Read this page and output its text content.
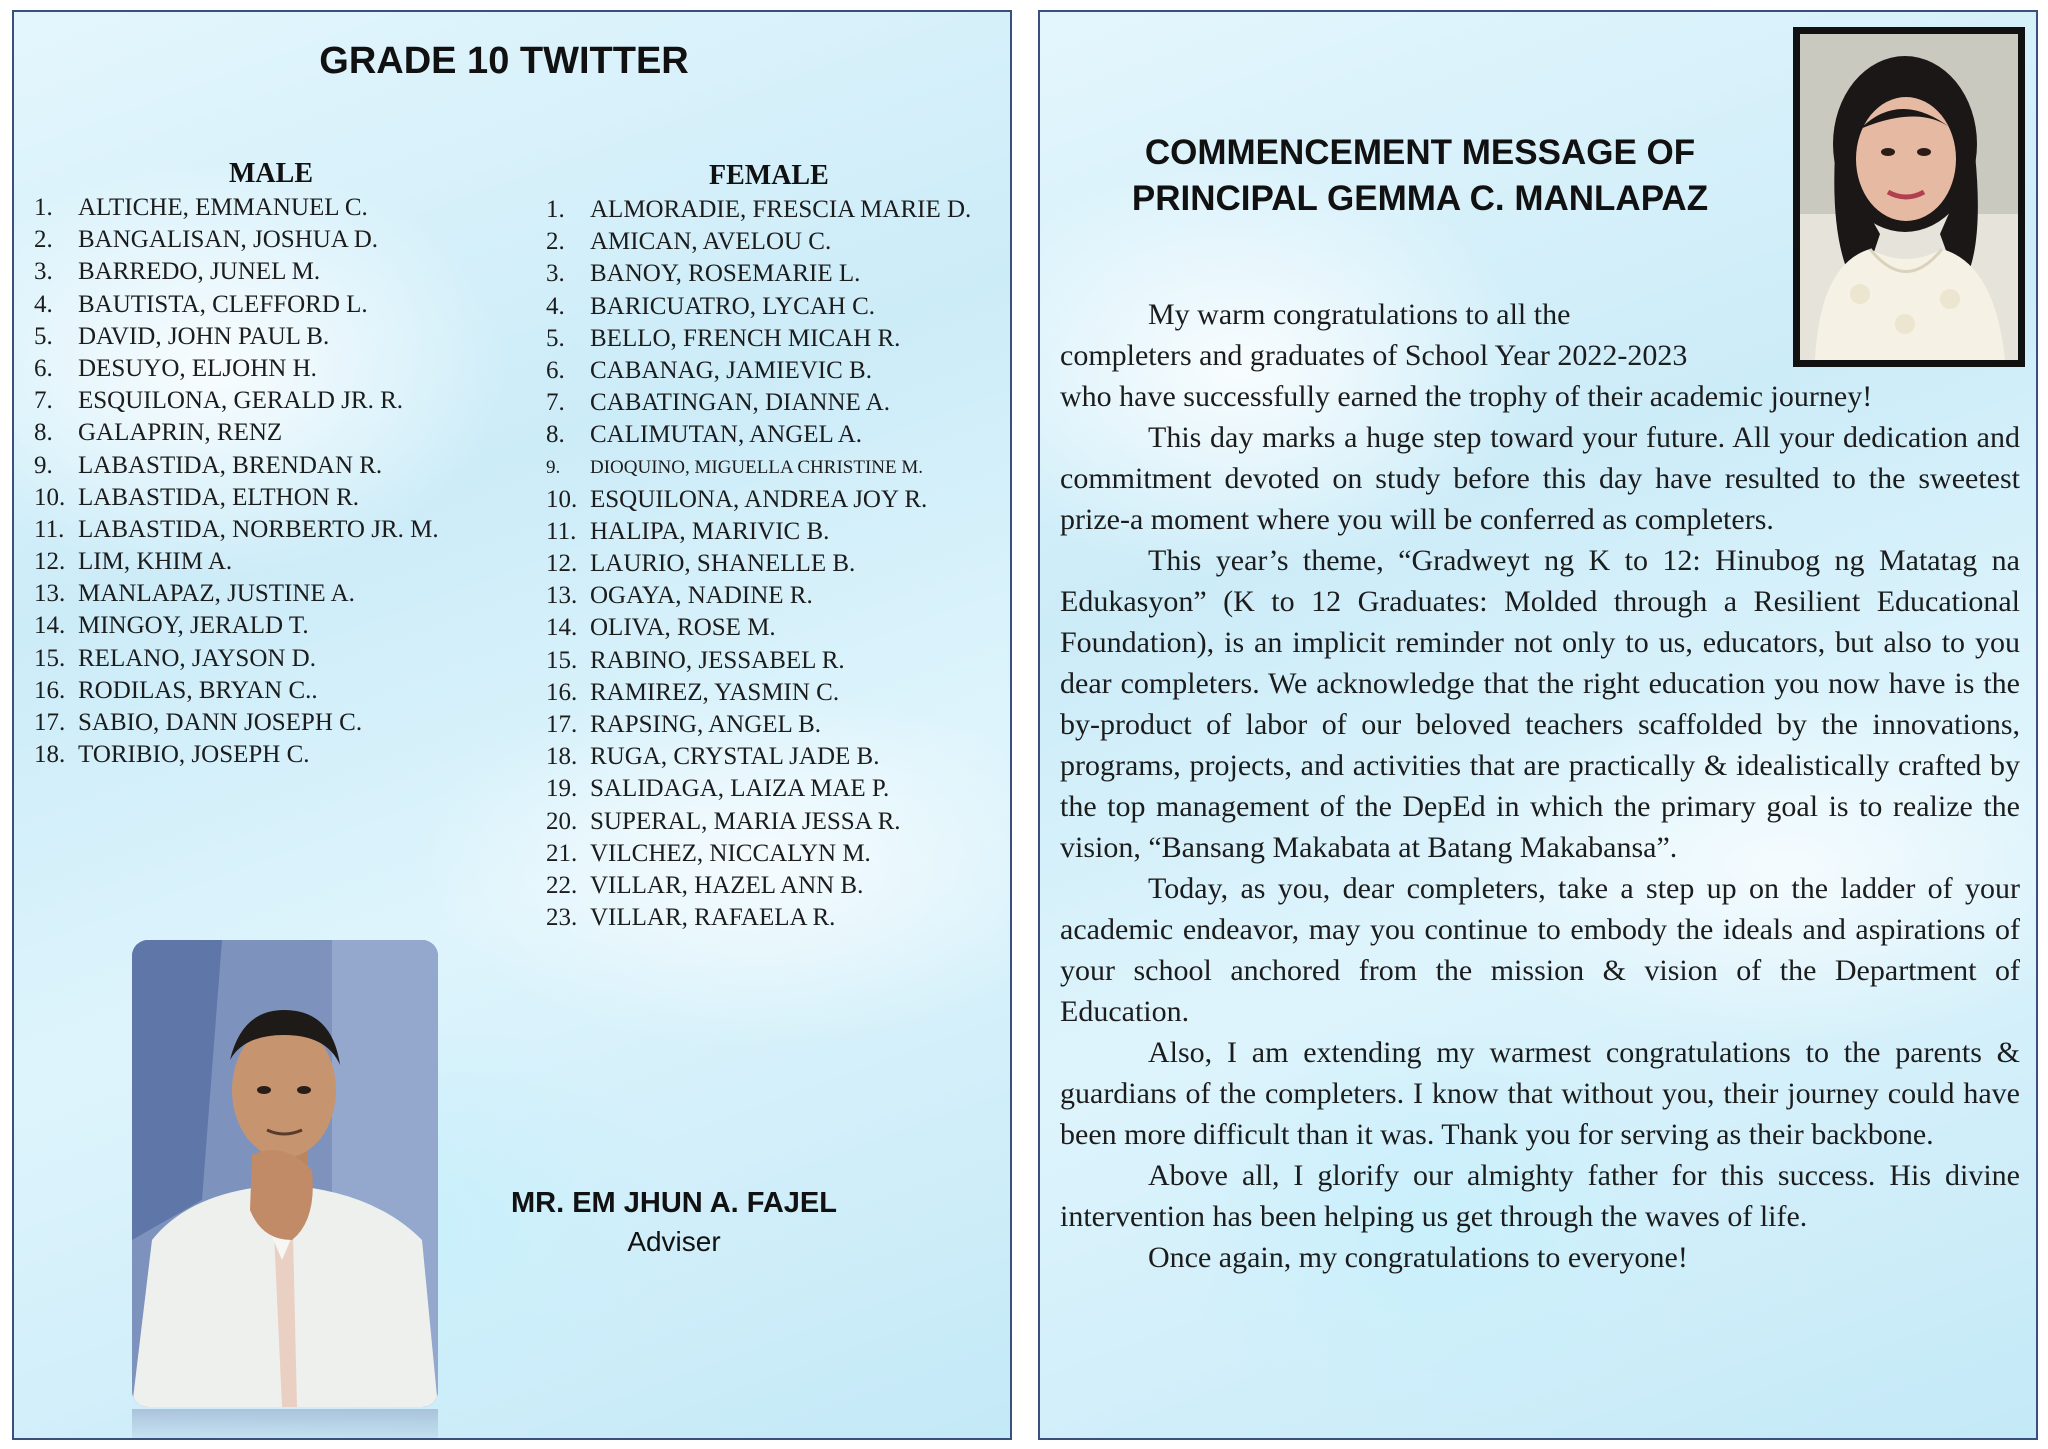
GRADE 10 TWITTER
MALE	FEMALE
1. ALTICHE, EMMANUEL C.
2. BANGALISAN, JOSHUA D.
3. BARREDO, JUNEL M.
4. BAUTISTA, CLEFFORD L.
5. DAVID, JOHN PAUL B.
6. DESUYO, ELJOHN H.
7. ESQUILONA, GERALD JR. R.
8. GALAPRIN, RENZ
9. LABASTIDA, BRENDAN R.
10. LABASTIDA, ELTHON R.
11. LABASTIDA, NORBERTO JR. M.
12. LIM, KHIM A.
13. MANLAPAZ, JUSTINE A.
14. MINGOY, JERALD T.
15. RELANO, JAYSON D.
16. RODILAS, BRYAN C..
17. SABIO, DANN JOSEPH C.
18. TORIBIO, JOSEPH C.
1. ALMORADIE, FRESCIA MARIE D.
2. AMICAN, AVELOU C.
3. BANOY, ROSEMARIE L.
4. BARICUATRO, LYCAH C.
5. BELLO, FRENCH MICAH R.
6. CABANAG, JAMIEVIC B.
7. CABATINGAN, DIANNE A.
8. CALIMUTAN, ANGEL A.
9. DIOQUINO, MIGUELLA CHRISTINE M.
10. ESQUILONA, ANDREA JOY R.
11. HALIPA, MARIVIC B.
12. LAURIO, SHANELLE B.
13. OGAYA, NADINE R.
14. OLIVA, ROSE M.
15. RABINO, JESSABEL R.
16. RAMIREZ, YASMIN C.
17. RAPSING, ANGEL B.
18. RUGA, CRYSTAL JADE B.
19. SALIDAGA, LAIZA MAE P.
20. SUPERAL, MARIA JESSA R.
21. VILCHEZ, NICCALYN M.
22. VILLAR, HAZEL ANN B.
23. VILLAR, RAFAELA R.

MR. EM JHUN A. FAJEL

Adviser

COMMENCEMENT MESSAGE OF
PRINCIPAL GEMMA C. MANLAPAZ

My warm congratulations to all the

completers and graduates of School Year 2022-2023

who have successfully earned the trophy of their academic journey!

This day marks a huge step toward your future. All your dedication and commitment devoted on study before this day have resulted to the sweetest prize-a moment where you will be conferred as completers.

This year’s theme, “Gradweyt ng K to 12: Hinubog ng Matatag na Edukasyon” (K to 12 Graduates: Molded through a Resilient Educational Foundation), is an implicit reminder not only to us, educators, but also to you dear completers. We acknowledge that the right education you now have is the by-product of labor of our beloved teachers scaffolded by the innovations, programs, projects, and activities that are practically & idealistically crafted by the top management of the DepEd in which the primary goal is to realize the vision, “Bansang Makabata at Batang Makabansa”.

Today, as you, dear completers, take a step up on the ladder of your academic endeavor, may you continue to embody the ideals and aspirations of your school anchored from the mission & vision of the Department of Education.

Also, I am extending my warmest congratulations to the parents & guardians of the completers. I know that without you, their journey could have been more difficult than it was. Thank you for serving as their backbone.

Above all, I glorify our almighty father for this success. His divine intervention has been helping us get through the waves of life.

Once again, my congratulations to everyone!
